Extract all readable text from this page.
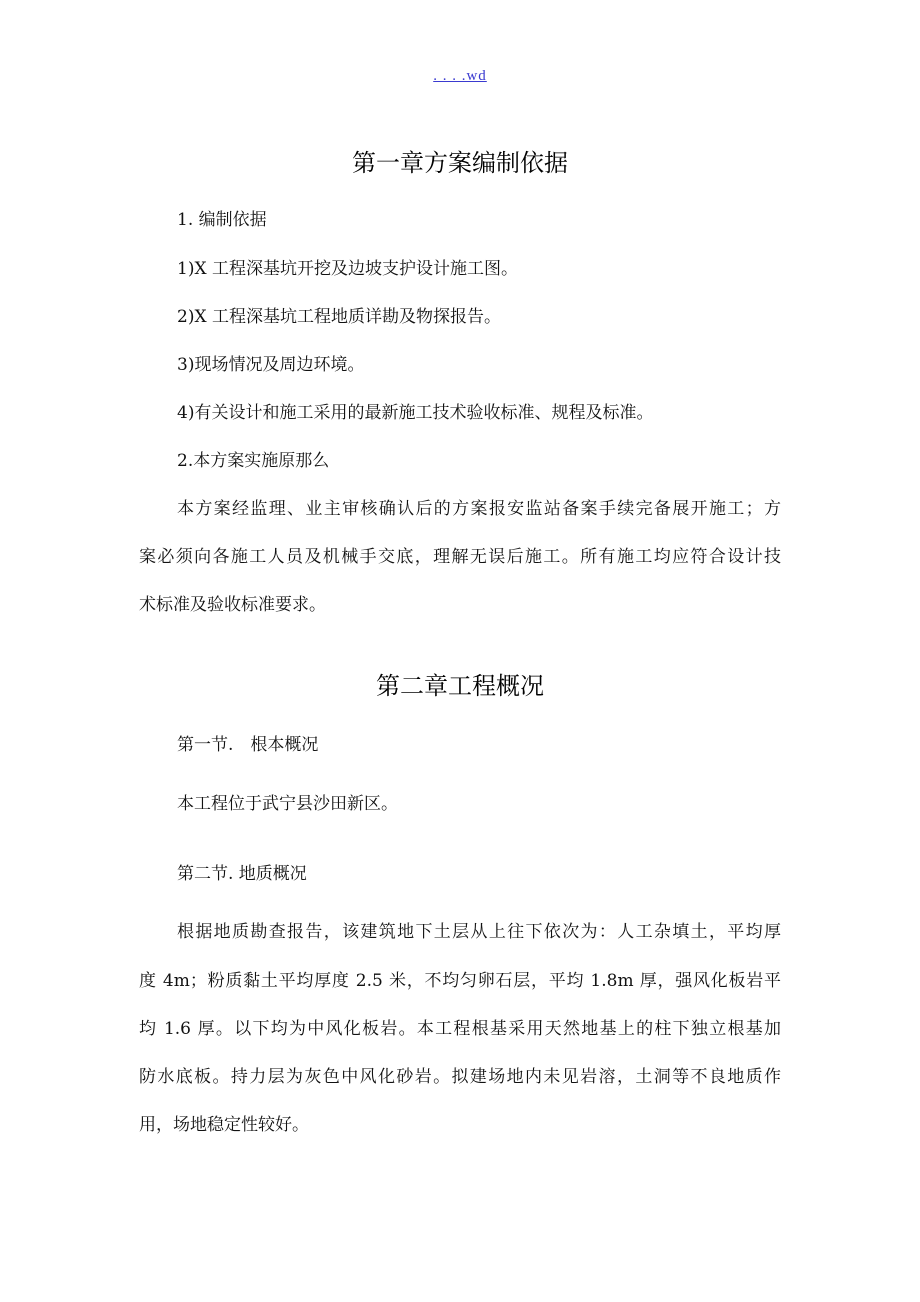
. . . .wd
第一章方案编制依据

1. 编制依据

1)X 工程深基坑开挖及边坡支护设计施工图。

2)X 工程深基坑工程地质详勘及物探报告。

3)现场情况及周边环境。

4)有关设计和施工采用的最新施工技术验收标准、规程及标准。

2.本方案实施原那么

本方案经监理、业主审核确认后的方案报安监站备案手续完备展开施工；方

案必须向各施工人员及机械手交底，理解无误后施工。所有施工均应符合设计技

术标准及验收标准要求。

第二章工程概况

第一节.　根本概况

本工程位于武宁县沙田新区。

第二节. 地质概况

根据地质勘查报告，该建筑地下土层从上往下依次为：人工杂填土，平均厚

度 4m；粉质黏土平均厚度 2.5 米，不均匀卵石层，平均 1.8m 厚，强风化板岩平

均 1.6 厚。以下均为中风化板岩。本工程根基采用天然地基上的柱下独立根基加

防水底板。持力层为灰色中风化砂岩。拟建场地内未见岩溶，土洞等不良地质作

用，场地稳定性较好。
